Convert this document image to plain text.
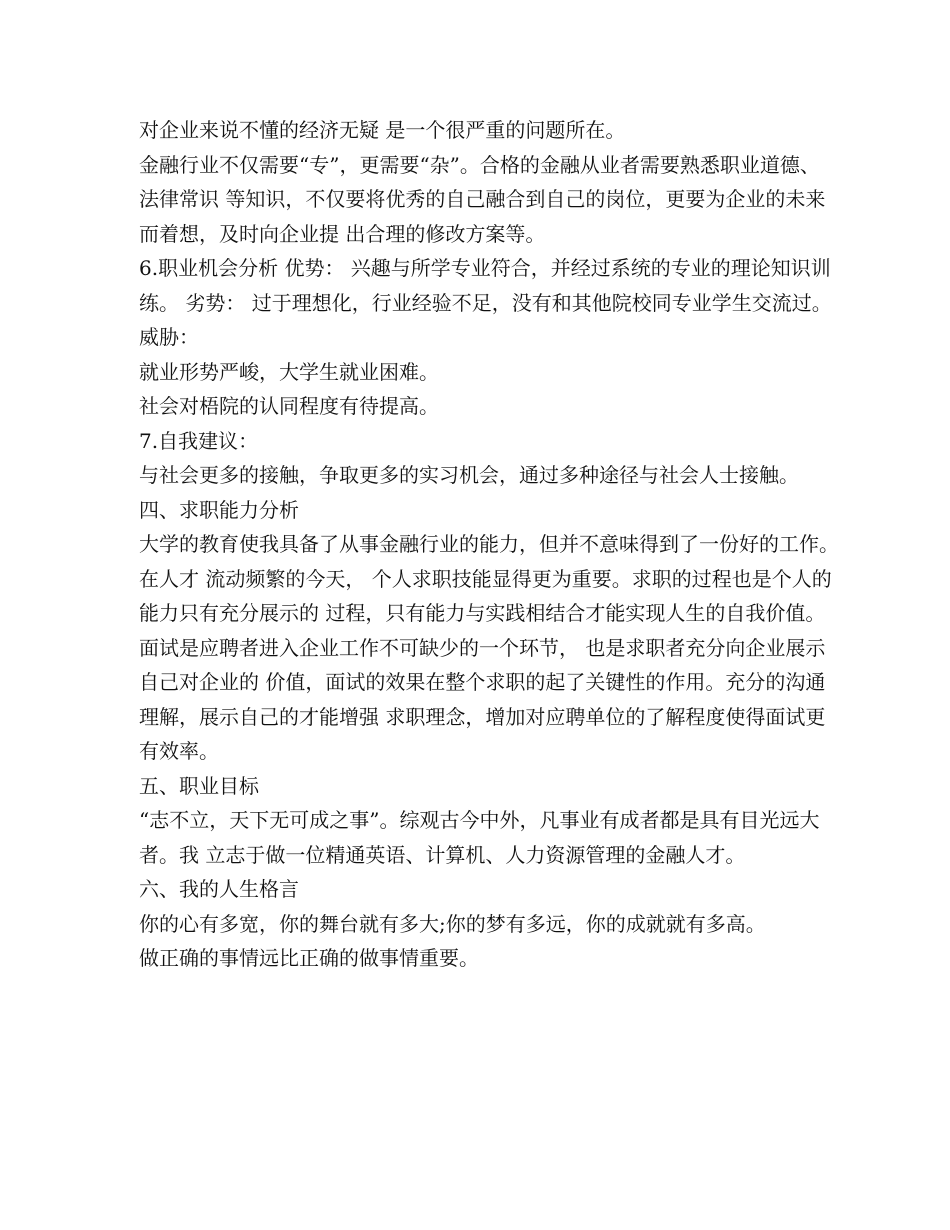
对企业来说不懂的经济无疑 是一个很严重的问题所在。

金融行业不仅需要“专”，更需要“杂”。合格的金融从业者需要熟悉职业道德、法律常识 等知识，不仅要将优秀的自己融合到自己的岗位，更要为企业的未来而着想，及时向企业提 出合理的修改方案等。

6.职业机会分析 优势： 兴趣与所学专业符合，并经过系统的专业的理论知识训练。 劣势： 过于理想化，行业经验不足，没有和其他院校同专业学生交流过。

威胁：

就业形势严峻，大学生就业困难。

社会对梧院的认同程度有待提高。

7.自我建议：

与社会更多的接触，争取更多的实习机会，通过多种途径与社会人士接触。

四、求职能力分析

大学的教育使我具备了从事金融行业的能力，但并不意味得到了一份好的工作。在人才 流动频繁的今天， 个人求职技能显得更为重要。求职的过程也是个人的能力只有充分展示的 过程，只有能力与实践相结合才能实现人生的自我价值。 面试是应聘者进入企业工作不可缺少的一个环节， 也是求职者充分向企业展示自己对企业的 价值，面试的效果在整个求职的起了关键性的作用。充分的沟通理解，展示自己的才能增强 求职理念，增加对应聘单位的了解程度使得面试更有效率。

五、职业目标

“志不立，天下无可成之事”。综观古今中外，凡事业有成者都是具有目光远大者。我 立志于做一位精通英语、计算机、人力资源管理的金融人才。

六、我的人生格言

你的心有多宽，你的舞台就有多大;你的梦有多远，你的成就就有多高。

做正确的事情远比正确的做事情重要。
